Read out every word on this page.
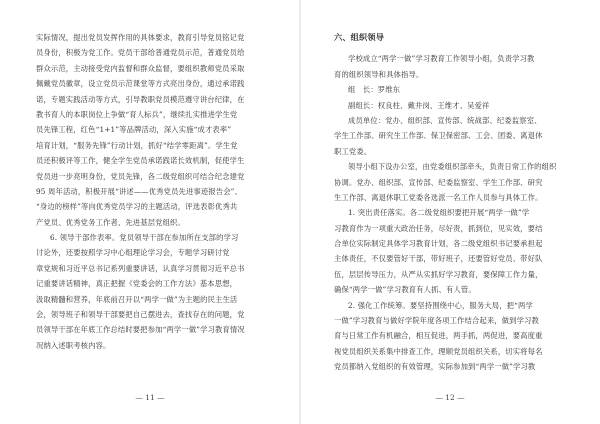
实际情况，提出党员发挥作用的具体要求，教育引导党员铭记党
员身份，积极为党工作。党员干部给普通党员示范，普通党员给
群众示范，主动接受党内监督和群众监督，要组织教师党员采取
佩戴党员徽章，设立党员示范课堂等方式亮出身份，通过承诺践
诺，专题实践活动等方式，引导教职党员模范遵守讲台纪律，在
教书育人的本职岗位上争做“育人标兵”，继续扎实推进学生党
员先锋工程，红色“1+1”等品牌活动，深入实施“成才表率”
培育计划，“服务先锋”行动计划，抓好“结学零距离”。学生党
员还积极评等工作，健全学生党员承诺践诺长效机制，促使学生
党员进一步亮明身份，党员先锋，各二级党组织可结合纪念建党
95 周年活动，积极开展“讲述——优秀党员先进事迹报告会”、
“身边的榜样”等向优秀党员学习的主题活动，评选表彰优秀共
产党员、优秀党务工作者、先进基层党组织。
6. 领导干部作表率。党员领导干部在参加所在支部的学习
讨论外，还要按照学习中心组理论学习会，专题学习研讨党
章党规和习近平总书记系列重要讲话，认真学习贯彻习近平总书
记重要讲话精神，真正把握《党委会的工作方法》基本思想，
汲取精髓和营养，年底前召开以“两学一做”为主题的民主生活
会，领导班子和领导干部要把自己摆进去，查找存在的问题，党
员领导干部在年底工作总结时要把参加“两学一做”学习教育情况
况纳入述职考核内容。
— 11 —
六、组织领导
学校成立“两学一做”学习教育工作领导小组，负责学习教
育的组织领导和具体指导。
组　长：罗维东
副组长：权良柱、戴井岗、王维才、吴爱祥
成员单位：党办、组织部、宣传部、统战部、纪委监察室、
学生工作部、研究生工作部、保卫保密部、工会、团委、离退休
职工党委。
领导小组下设办公室，由党委组织部牵头，负责日常工作的组织
协调。党办、组织部、宣传部、纪委监察室、学生工作部、研究
生工作部、离退休职工党委各选派一名工作人员参与具体工作。
1. 突出责任落实。各二级党组织要把开展“两学一做”学
习教育作为一项重大政治任务，尽好责，抓到位，见实效，要结
合单位实际制定具体学习教育计划，各二级党组织书记要承担起
主体责任，不仅要管好干部，带好班子，还要管好党员、带好队
伍，层层传导压力，从严从实抓好学习教育，要保障工作力量，
确保“两学一做”学习教育有人抓、有人管。
2. 强化工作统筹。要坚持围绕中心，服务大局，把“两学
一做”学习教育与做好学院年度各项工作结合起来，做到学习教
育与日常工作有机融合，相互促进，两手抓，两促进，要高度重
视党员组织关系集中排查工作，理顺党员组织关系，切实将每名
党员都纳入党组织的有效管理，实际参加到“两学一做”学习教
— 12 —
